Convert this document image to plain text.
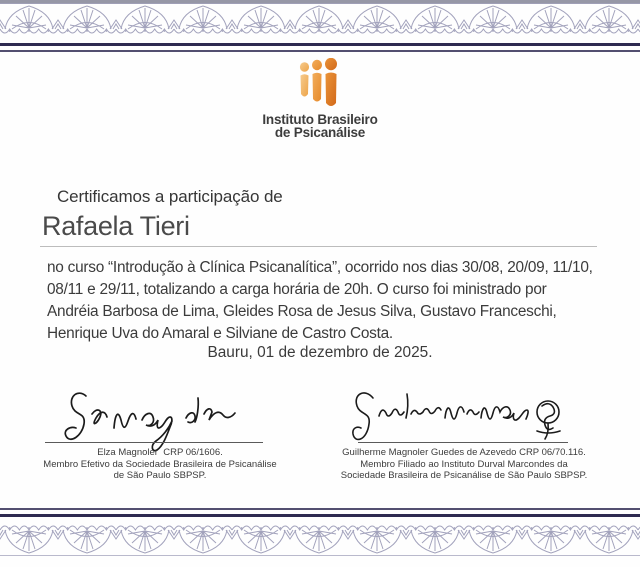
Instituto Brasileiro
de Psicanálise
Certificamos a participação de
Rafaela Tieri
no curso “Introdução à Clínica Psicanalítica”, ocorrido nos dias 30/08, 20/09, 11/10,
08/11 e 29/11, totalizando a carga horária de 20h. O curso foi ministrado por
Andréia Barbosa de Lima, Gleides Rosa de Jesus Silva, Gustavo Franceschi,
Henrique Uva do Amaral e Silviane de Castro Costa.
Bauru, 01 de dezembro de 2025.
Elza Magnoler  CRP 06/1606.
Membro Efetivo da Sociedade Brasileira de Psicanálise
de São Paulo SBPSP.
Guilherme Magnoler Guedes de Azevedo CRP 06/70.116.
Membro Filiado ao Instituto Durval Marcondes da
Sociedade Brasileira de Psicanálise de São Paulo SBPSP.
